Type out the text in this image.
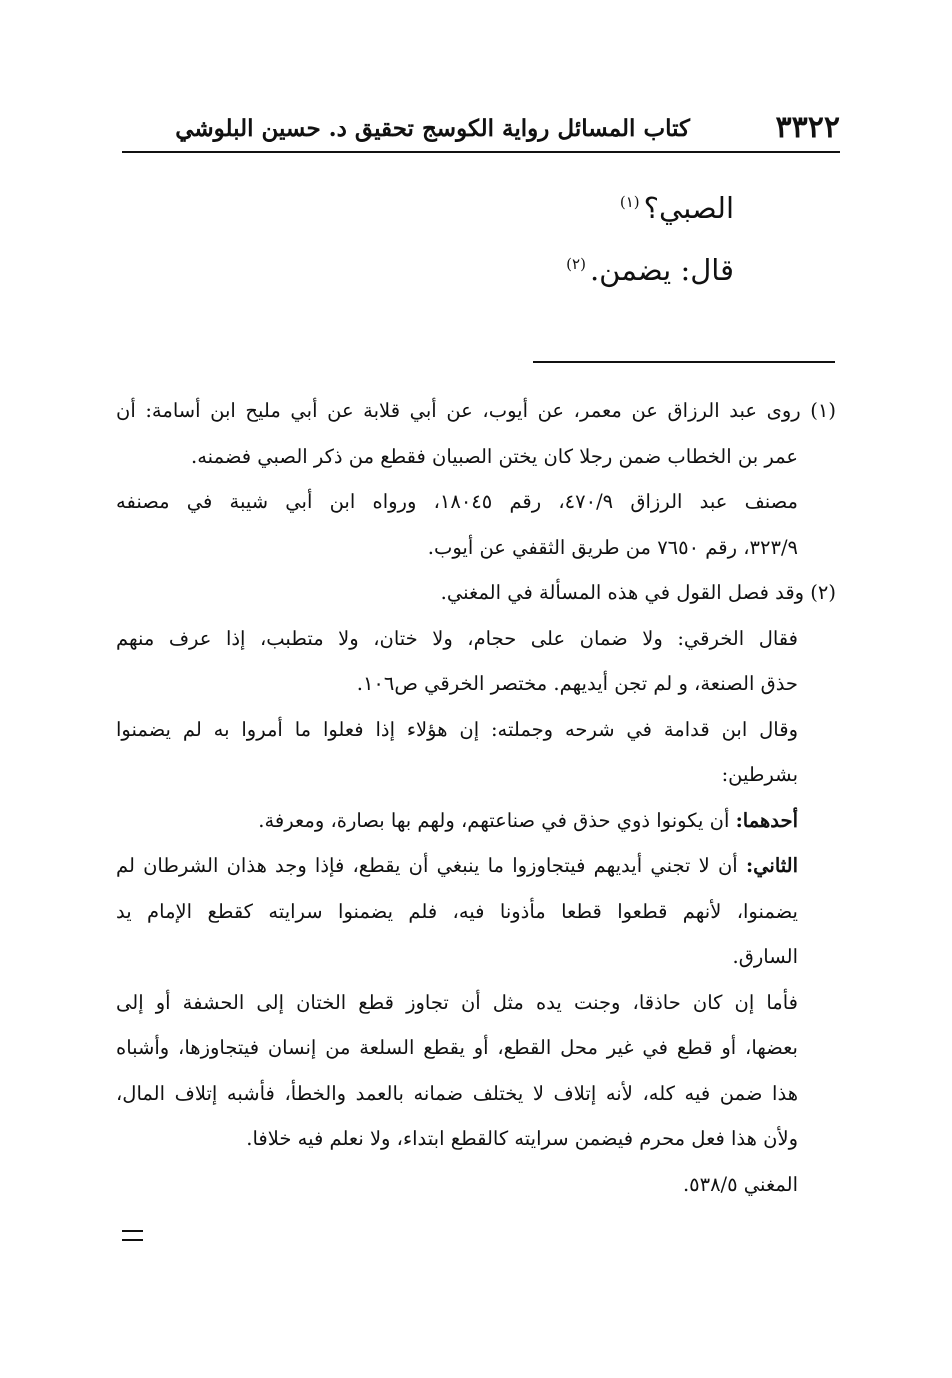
٣٣٢٢
كتاب المسائل رواية الكوسج تحقيق د. حسين البلوشي
الصبي؟$^{(١)}$
قال: يضمن.$^{(٢)}$
(١) روى عبد الرزاق عن معمر، عن أيوب، عن أبي قلابة عن أبي مليح ابن أسامة: أن
عمر بن الخطاب ضمن رجلا كان يختن الصبيان فقطع من ذكر الصبي فضمنه.
مصنف عبد الرزاق ٤٧٠/٩، رقم ١٨٠٤٥، ورواه ابن أبي شيبة في مصنفه
٣٢٣/٩، رقم ٧٦٥٠ من طريق الثقفي عن أيوب.
(٢) وقد فصل القول في هذه المسألة في المغني.
فقال الخرقي: ولا ضمان على حجام، ولا ختان، ولا متطبب، إذا عرف منهم
حذق الصنعة، و لم تجن أيديهم. مختصر الخرقي ص١٠٦.
وقال ابن قدامة في شرحه وجملته: إن هؤلاء إذا فعلوا ما أمروا به لم يضمنوا
بشرطين:
أحدهما: أن يكونوا ذوي حذق في صناعتهم، ولهم بها بصارة، ومعرفة.
الثاني: أن لا تجني أيديهم فيتجاوزوا ما ينبغي أن يقطع، فإذا وجد هذان الشرطان لم
يضمنوا، لأنهم قطعوا قطعا مأذونا فيه، فلم يضمنوا سرايته كقطع الإمام يد
السارق.
فأما إن كان حاذقا، وجنت يده مثل أن تجاوز قطع الختان إلى الحشفة أو إلى
بعضها، أو قطع في غير محل القطع، أو يقطع السلعة من إنسان فيتجاوزها، وأشباه
هذا ضمن فيه كله، لأنه إتلاف لا يختلف ضمانه بالعمد والخطأ، فأشبه إتلاف المال،
ولأن هذا فعل محرم فيضمن سرايته كالقطع ابتداء، ولا نعلم فيه خلافا.
المغني ٥٣٨/٥.
